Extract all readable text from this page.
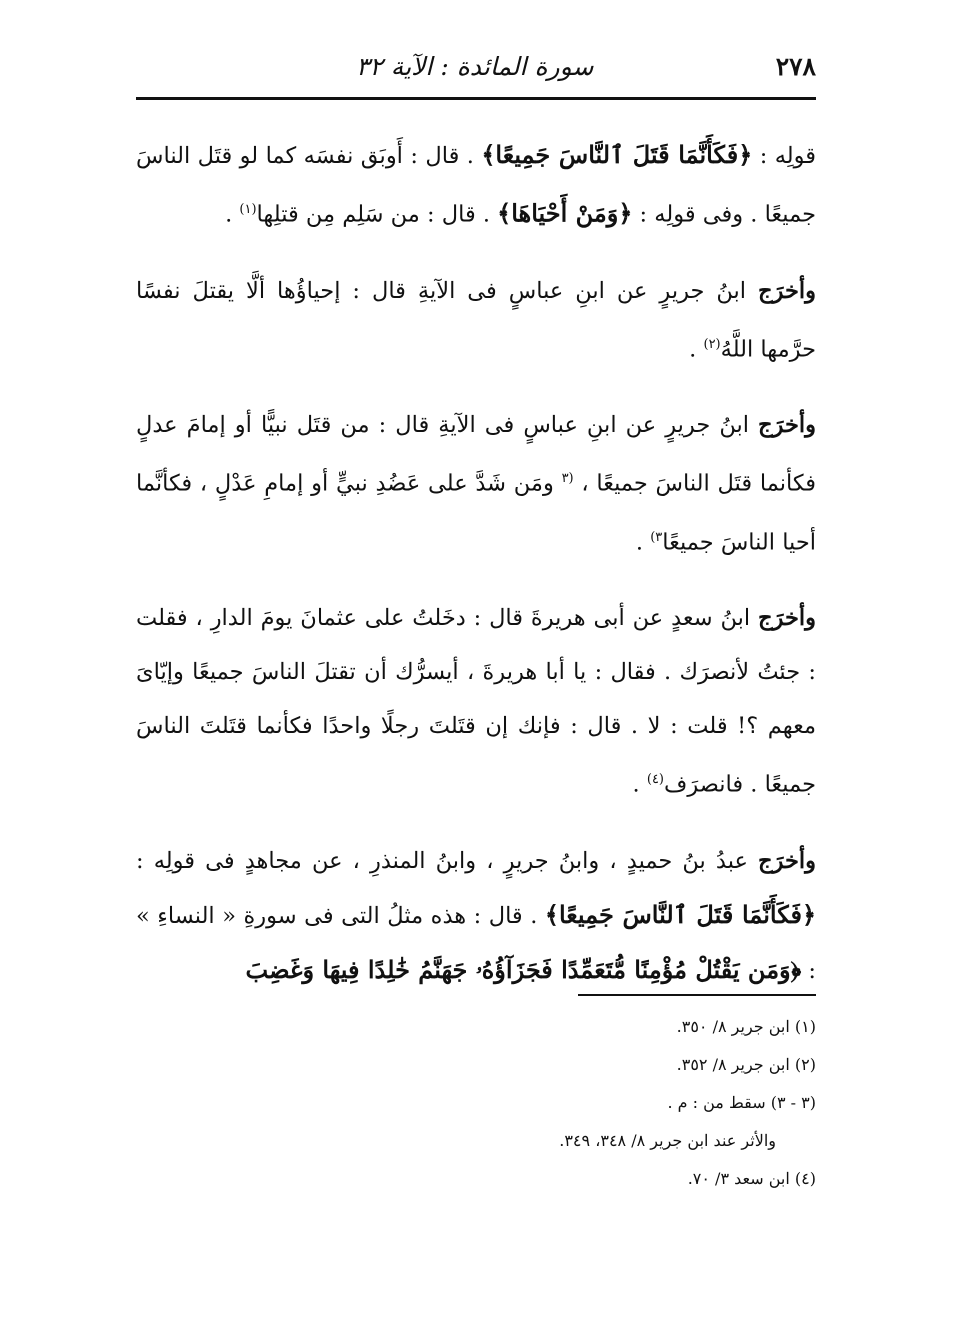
٢٧٨
سورة المائدة : الآية ٣٢

قولِه : ﴿فَكَأَنَّمَا قَتَلَ ٱلنَّاسَ جَمِيعًا﴾ . قال : أَوبَق نفسَه كما لو قتَل الناسَ جميعًا . وفى قولِه : ﴿وَمَنْ أَحْيَاهَا﴾ . قال : من سَلِم مِن قتلِها$^{(١)}$ .

وأخرَج ابنُ جريرٍ عن ابنِ عباسٍ فى الآيةِ قال : إحياؤُها ألَّا يقتلَ نفسًا حرَّمها اللَّهُ$^{(٢)}$ .

وأخرَج ابنُ جريرٍ عن ابنِ عباسٍ فى الآيةِ قال : من قتَل نبيًّا أو إمامَ عدلٍ فكأنما قتَل الناسَ جميعًا ، $^{(٣}$ ومَن شَدَّ على عَضُدِ نبيٍّ أو إمامِ عَدْلٍ ، فكأنَّما أحيا الناسَ جميعًا$^{٣)}$ .

وأخرَج ابنُ سعدٍ عن أبى هريرةَ قال : دخَلتُ على عثمانَ يومَ الدارِ ، فقلت : جئتُ لأنصرَك . فقال : يا أبا هريرةَ ، أيسرُّك أن تقتلَ الناسَ جميعًا وإيّاىَ معهم ؟! قلت : لا . قال : فإنك إن قتَلتَ رجلًا واحدًا فكأنما قتَلتَ الناسَ جميعًا . فانصرَف$^{(٤)}$ .

وأخرَج عبدُ بنُ حميدٍ ، وابنُ جريرٍ ، وابنُ المنذرِ ، عن مجاهدٍ فى قولِه : ﴿فَكَأَنَّمَا قَتَلَ ٱلنَّاسَ جَمِيعًا﴾ . قال : هذه مثلُ التى فى سورةِ « النساءِ » : ﴿وَمَن يَقْتُلْ مُؤْمِنًا مُّتَعَمِّدًا فَجَزَآؤُهُۥ جَهَنَّمُ خَٰلِدًا فِيهَا وَغَضِبَ

(١) ابن جرير ٨/ ٣٥٠.

(٢) ابن جرير ٨/ ٣٥٢.

(٣ - ٣) سقط من : م .

والأثر عند ابن جرير ٨/ ٣٤٨، ٣٤٩.

(٤) ابن سعد ٣/ ٧٠.
